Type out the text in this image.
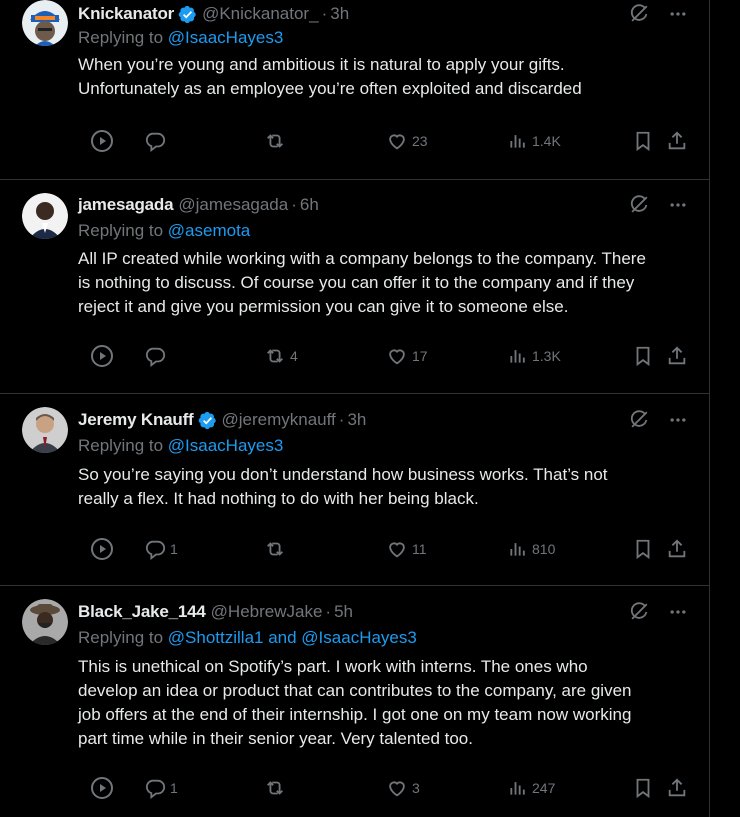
Knickanator @Knickanator_ · 3h
Replying to @IsaacHayes3
When you’re young and ambitious it is natural to apply your gifts.
Unfortunately as an employee you’re often exploited and discarded
23	1.4K
jamesagada @jamesagada · 6h
Replying to @asemota
All IP created while working with a company belongs to the company. There
is nothing to discuss. Of course you can offer it to the company and if they
reject it and give you permission you can give it to someone else.
4	17	1.3K
Jeremy Knauff @jeremyknauff · 3h
Replying to @IsaacHayes3
So you’re saying you don’t understand how business works. That’s not
really a flex. It had nothing to do with her being black.
1	11	810
Black_Jake_144 @HebrewJake · 5h
Replying to @Shottzilla1 and @IsaacHayes3
This is unethical on Spotify’s part. I work with interns. The ones who
develop an idea or product that can contributes to the company, are given
job offers at the end of their internship. I got one on my team now working
part time while in their senior year. Very talented too.
1	3	247
